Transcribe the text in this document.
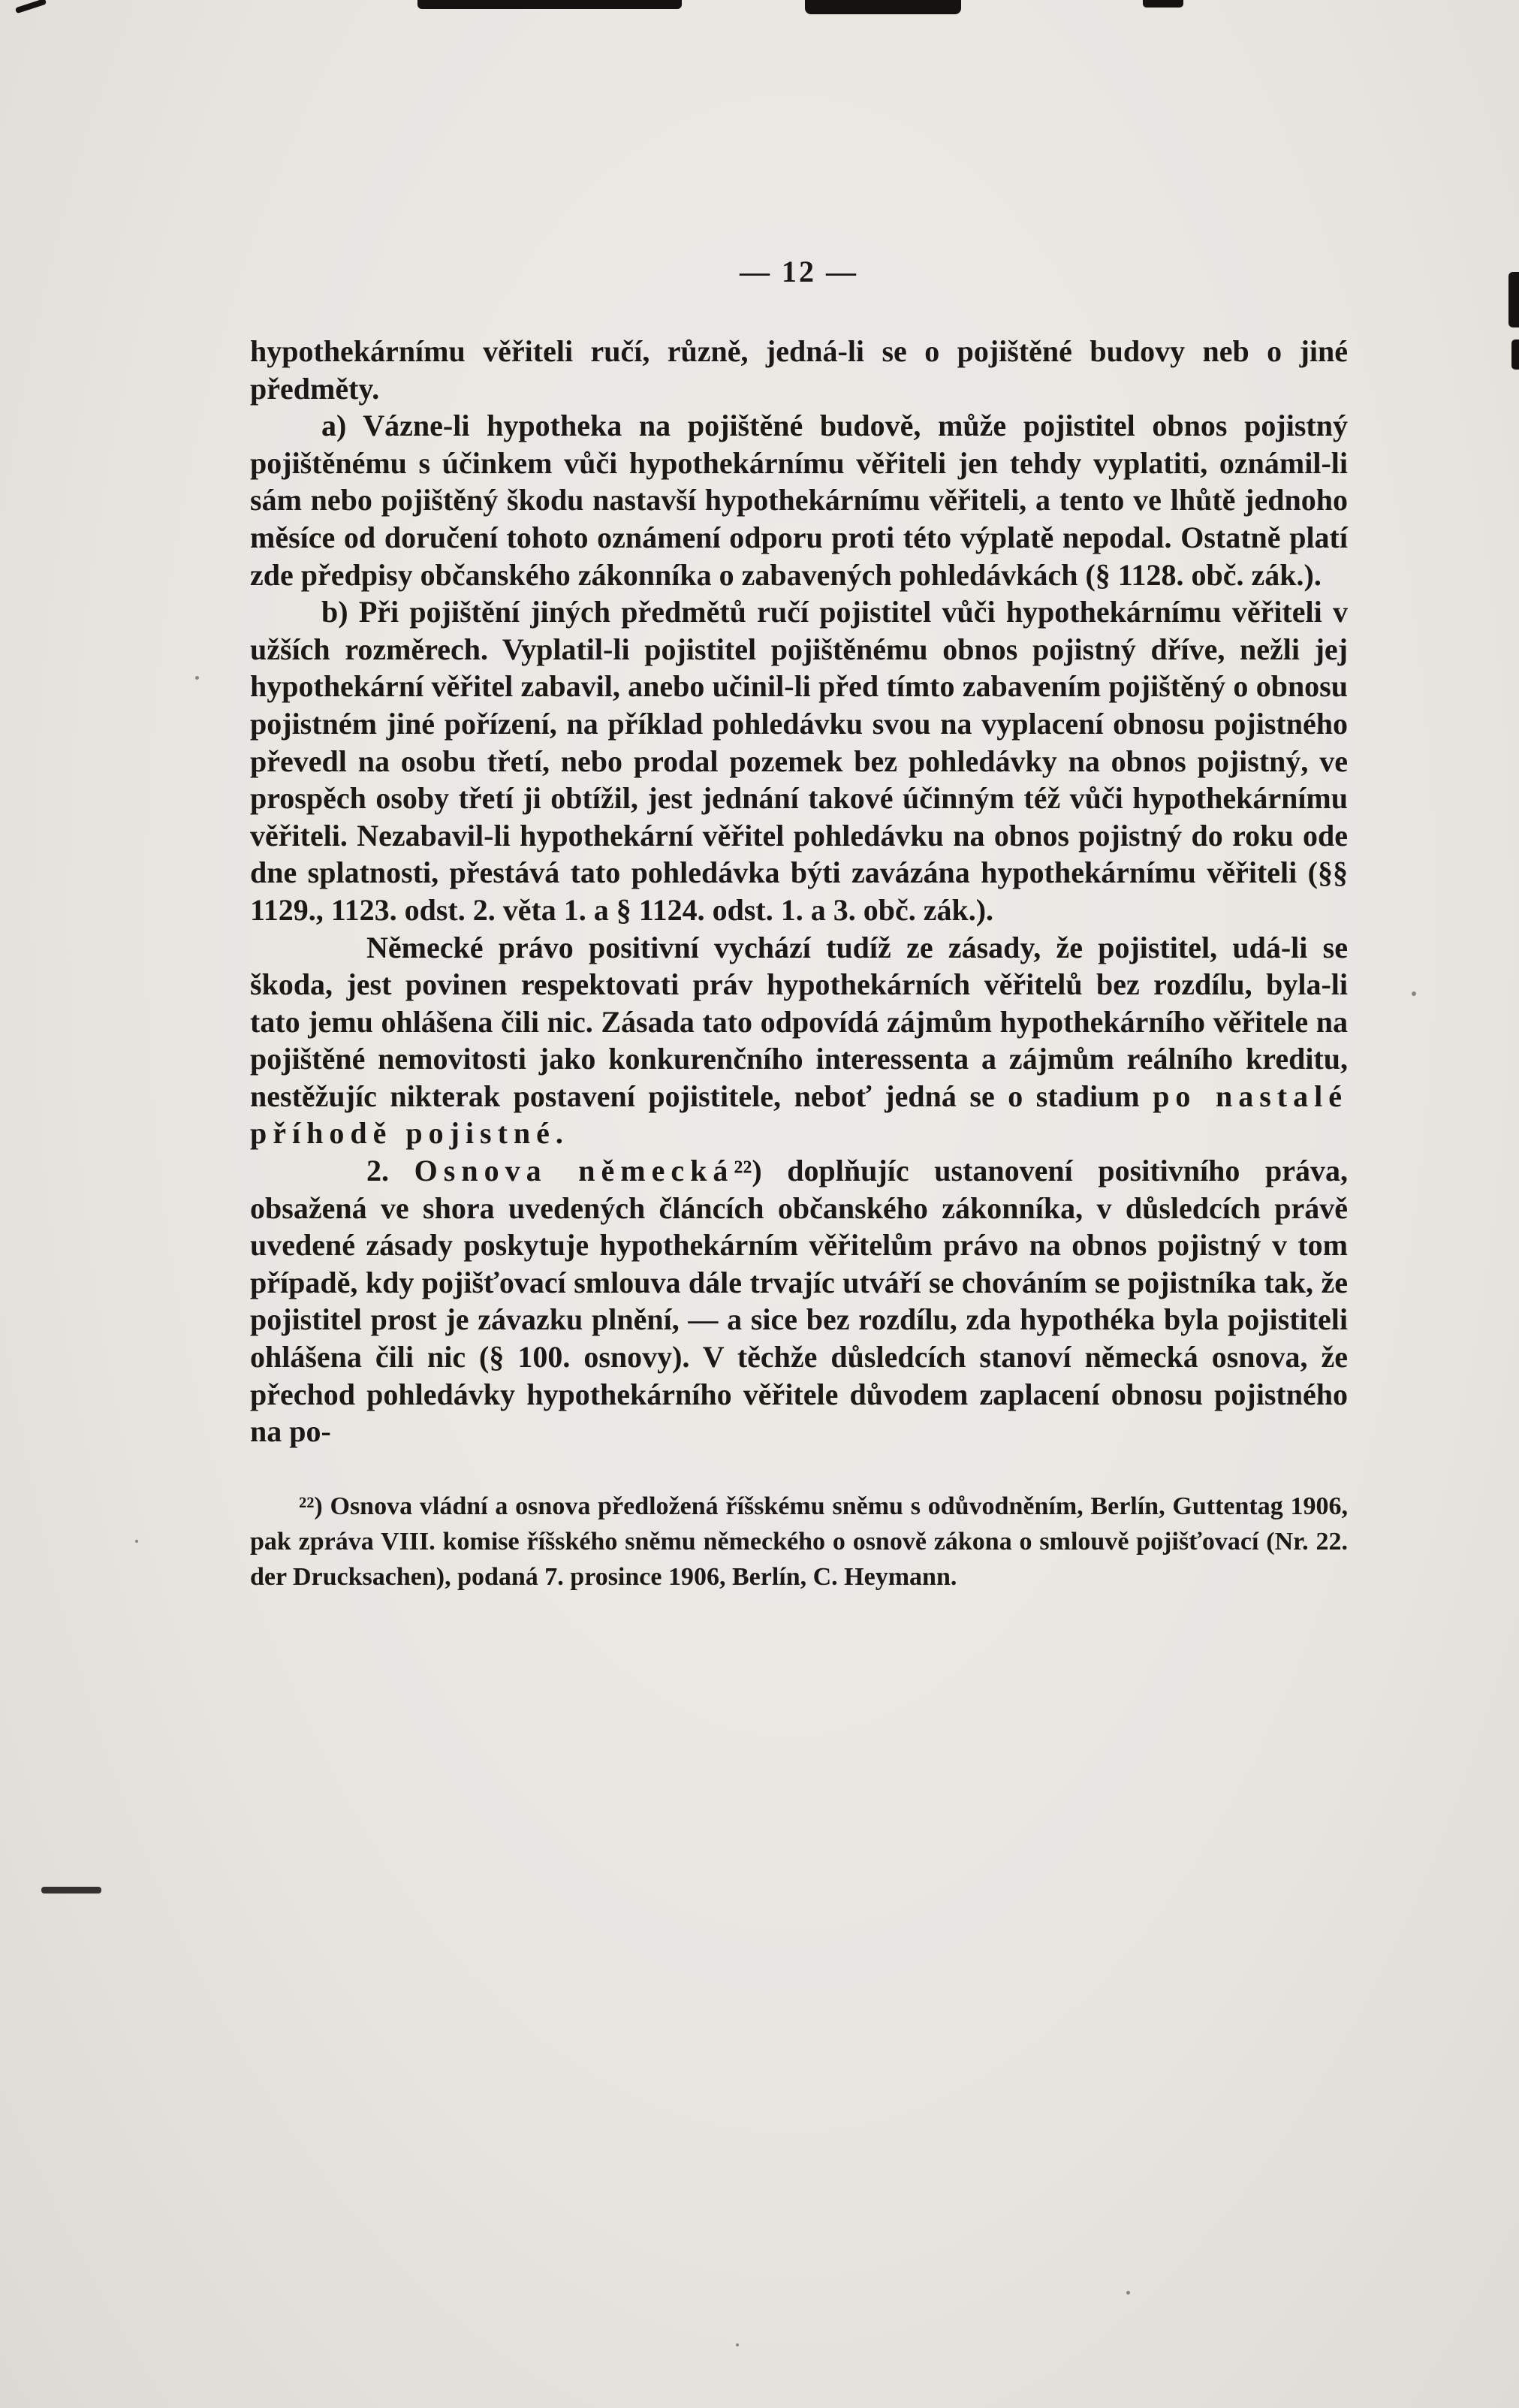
— 12 —

hypothekárnímu věřiteli ručí, různě, jedná-li se o pojištěné budovy neb o jiné předměty.

a) Vázne-li hypotheka na pojištěné budově, může pojistitel obnos pojistný pojištěnému s účinkem vůči hypothekárnímu věřiteli jen tehdy vyplatiti, oznámil-li sám nebo pojištěný škodu nastavší hypothekárnímu věřiteli, a tento ve lhůtě jednoho měsíce od doručení tohoto oznámení odporu proti této výplatě nepodal. Ostatně platí zde předpisy občanského zákonníka o zabavených pohledávkách (§ 1128. obč. zák.).

b) Při pojištění jiných předmětů ručí pojistitel vůči hypothekárnímu věřiteli v užších rozměrech. Vyplatil-li pojistitel pojištěnému obnos pojistný dříve, nežli jej hypothekární věřitel zabavil, anebo učinil-li před tímto zabavením pojištěný o obnosu pojistném jiné pořízení, na příklad pohledávku svou na vyplacení obnosu pojistného převedl na osobu třetí, nebo prodal pozemek bez pohledávky na obnos pojistný, ve prospěch osoby třetí ji obtížil, jest jednání takové účinným též vůči hypothekárnímu věřiteli. Nezabavil-li hypothekární věřitel pohledávku na obnos pojistný do roku ode dne splatnosti, přestává tato pohledávka býti zavázána hypothekárnímu věřiteli (§§ 1129., 1123. odst. 2. věta 1. a § 1124. odst. 1. a 3. obč. zák.).

Německé právo positivní vychází tudíž ze zásady, že pojistitel, udá-li se škoda, jest povinen respektovati práv hypothekárních věřitelů bez rozdílu, byla-li tato jemu ohlášena čili nic. Zásada tato odpovídá zájmům hypothekárního věřitele na pojištěné nemovitosti jako konkurenčního interessenta a zájmům reálního kreditu, nestěžujíc nikterak postavení pojistitele, neboť jedná se o stadium po nastalé příhodě pojistné.

2. Osnova německá²²) doplňujíc ustanovení positivního práva, obsažená ve shora uvedených článcích občanského zákonníka, v důsledcích právě uvedené zásady poskytuje hypothekárním věřitelům právo na obnos pojistný v tom případě, kdy pojišťovací smlouva dále trvajíc utváří se chováním se pojistníka tak, že pojistitel prost je závazku plnění, — a sice bez rozdílu, zda hypothéka byla pojistiteli ohlášena čili nic (§ 100. osnovy). V těchže důsledcích stanoví německá osnova, že přechod pohledávky hypothekárního věřitele důvodem zaplacení obnosu pojistného na po-

²²) Osnova vládní a osnova předložená říšskému sněmu s odůvodněním, Berlín, Guttentag 1906, pak zpráva VIII. komise říšského sněmu německého o osnově zákona o smlouvě pojišťovací (Nr. 22. der Drucksachen), podaná 7. prosince 1906, Berlín, C. Heymann.
